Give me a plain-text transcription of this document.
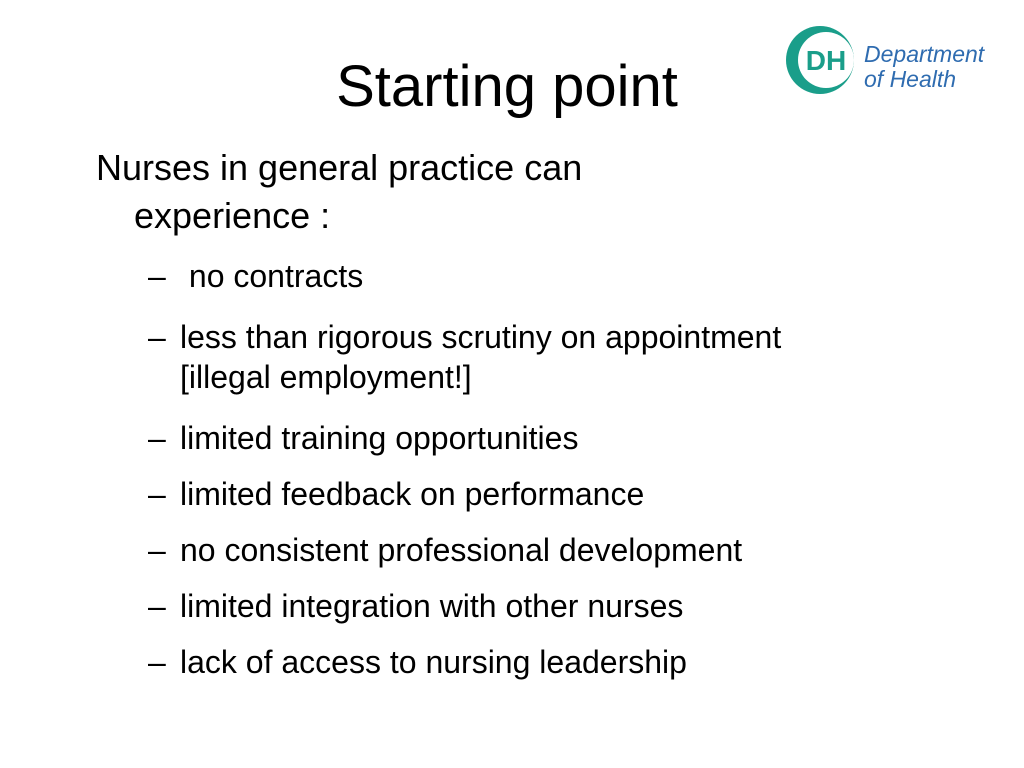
Starting point	DH Department
of Health

Nurses in general practice can
experience :

– no contracts
– less than rigorous scrutiny on appointment
[illegal employment!]
– limited training opportunities
– limited feedback on performance
– no consistent professional development
– limited integration with other nurses
– lack of access to nursing leadership
